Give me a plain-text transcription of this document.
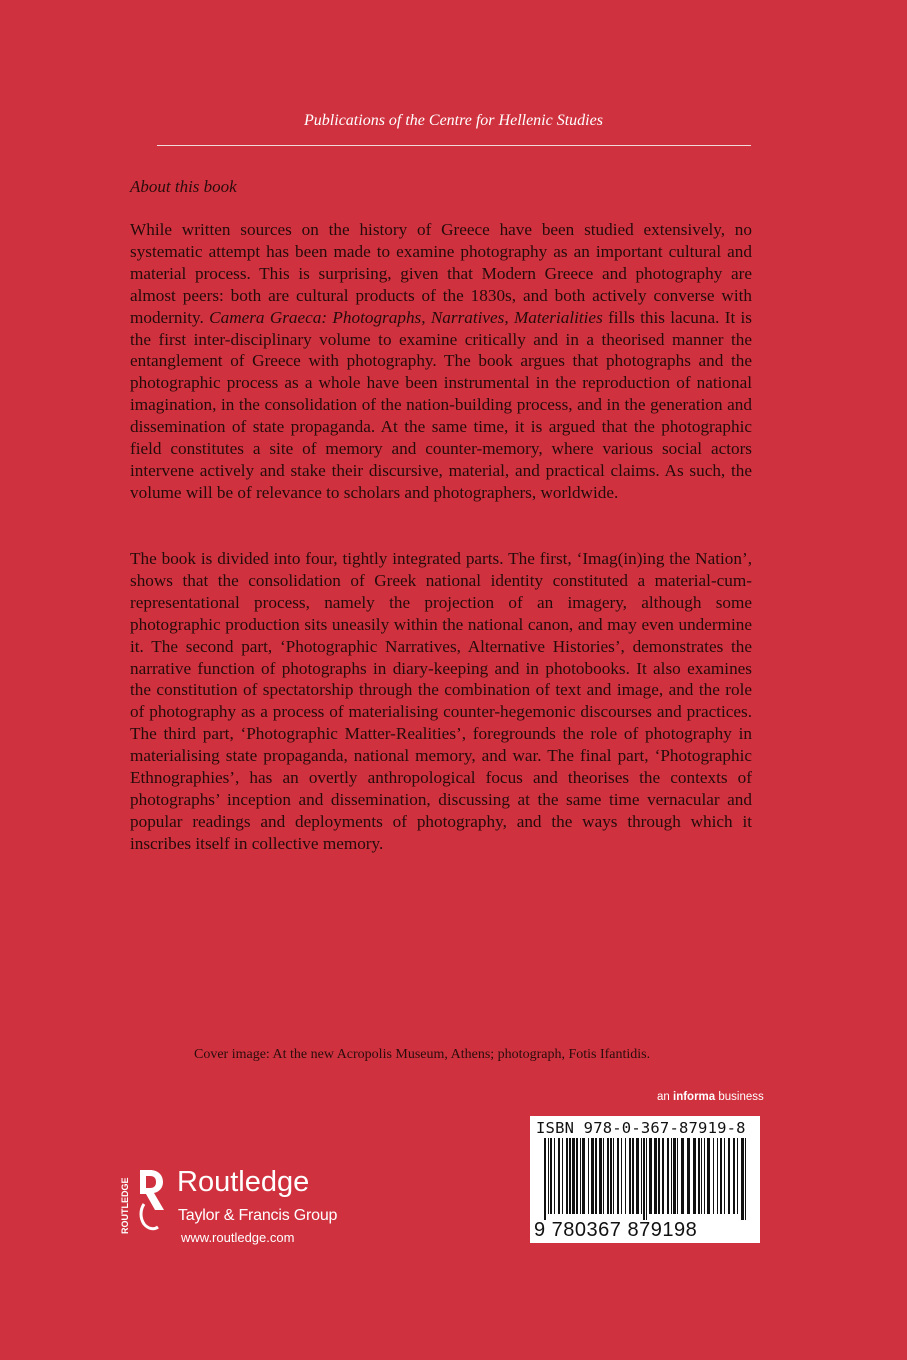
Publications of the Centre for Hellenic Studies
About this book
While written sources on the history of Greece have been studied extensively, no systematic attempt has been made to examine photography as an important cultural and material process. This is surprising, given that Modern Greece and photography are almost peers: both are cultural products of the 1830s, and both actively converse with modernity. Camera Graeca: Photographs, Narratives, Materialities fills this lacuna. It is the first inter-disciplinary volume to examine critically and in a theorised manner the entanglement of Greece with photography. The book argues that photographs and the photographic process as a whole have been instrumental in the reproduction of national imagination, in the consolidation of the nation-building process, and in the generation and dissemination of state propaganda. At the same time, it is argued that the photographic field constitutes a site of memory and counter-memory, where various social actors intervene actively and stake their discursive, material, and practical claims. As such, the volume will be of relevance to scholars and photographers, worldwide.
The book is divided into four, tightly integrated parts. The first, ‘Imag(in)ing the Nation’, shows that the consolidation of Greek national identity constituted a material-cum-representational process, namely the projection of an imagery, although some photographic production sits uneasily within the national canon, and may even undermine it. The second part, ‘Photographic Narratives, Alternative Histories’, demonstrates the narrative function of photographs in diary-keeping and in photobooks. It also examines the constitution of spectatorship through the combination of text and image, and the role of photography as a process of materialising counter-hegemonic discourses and practices. The third part, ‘Photographic Matter-Realities’, foregrounds the role of photography in materialising state propaganda, national memory, and war. The final part, ‘Photographic Ethnographies’, has an overtly anthropological focus and theorises the contexts of photographs’ inception and dissemination, discussing at the same time vernacular and popular readings and deployments of photography, and the ways through which it inscribes itself in collective memory.
Cover image: At the new Acropolis Museum, Athens; photograph, Fotis Ifantidis.
an informa business
ISBN 978-0-367-87919-8
9 780367 879198
ROUTLEDGE Routledge
Taylor & Francis Group
www.routledge.com
